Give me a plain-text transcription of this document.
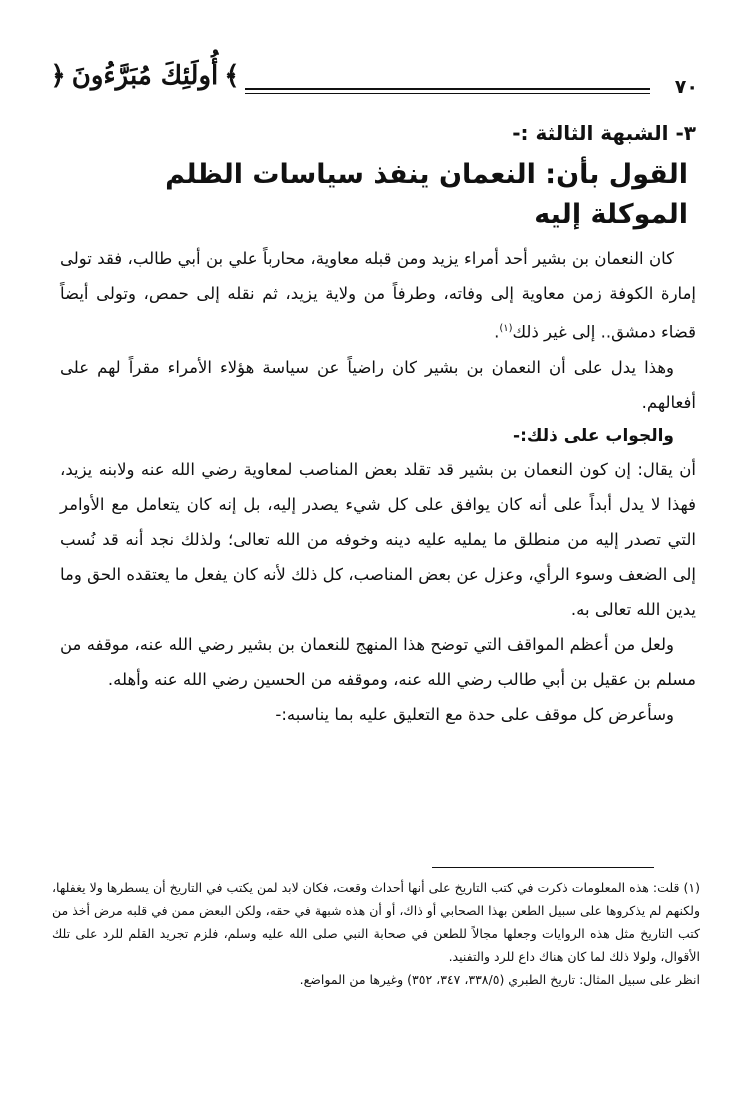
﴾
أُولَئِكَ مُبَرَّءُونَ
﴿	٧٠
٣- الشبهة الثالثة :-
القول بأن: النعمان ينفذ سياسات الظلم الموكلة إليه

كان النعمان بن بشير أحد أمراء يزيد ومن قبله معاوية، محارباً علي بن أبي طالب، فقد تولى إمارة الكوفة زمن معاوية إلى وفاته، وطرفاً من ولاية يزيد، ثم نقله إلى حمص، وتولى أيضاً قضاء دمشق.. إلى غير ذلك$^{(١)}$.

وهذا يدل على أن النعمان بن بشير كان راضياً عن سياسة هؤلاء الأمراء مقراً لهم على أفعالهم.

والجواب على ذلك:-

أن يقال: إن كون النعمان بن بشير قد تقلد بعض المناصب لمعاوية رضي الله عنه ولابنه يزيد، فهذا لا يدل أبداً على أنه كان يوافق على كل شيء يصدر إليه، بل إنه كان يتعامل مع الأوامر التي تصدر إليه من منطلق ما يمليه عليه دينه وخوفه من الله تعالى؛ ولذلك نجد أنه قد نُسب إلى الضعف وسوء الرأي، وعزل عن بعض المناصب، كل ذلك لأنه كان يفعل ما يعتقده الحق وما يدين الله تعالى به.

ولعل من أعظم المواقف التي توضح هذا المنهج للنعمان بن بشير رضي الله عنه، موقفه من مسلم بن عقيل بن أبي طالب رضي الله عنه، وموقفه من الحسين رضي الله عنه وأهله.

وسأعرض كل موقف على حدة مع التعليق عليه بما يناسبه:-

(١) قلت: هذه المعلومات ذكرت في كتب التاريخ على أنها أحداث وقعت، فكان لابد لمن يكتب في التاريخ أن يسطرها ولا يغفلها، ولكنهم لم يذكروها على سبيل الطعن بهذا الصحابي أو ذاك، أو أن هذه شبهة في حقه، ولكن البعض ممن في قلبه مرض أخذ من كتب التاريخ مثل هذه الروايات وجعلها مجالاً للطعن في صحابة النبي صلى الله عليه وسلم، فلزم تجريد القلم للرد على تلك الأقوال، ولولا ذلك لما كان هناك داع للرد والتفنيد.

انظر على سبيل المثال: تاريخ الطبري (٣٣٨/٥، ٣٤٧، ٣٥٢) وغيرها من المواضع.
